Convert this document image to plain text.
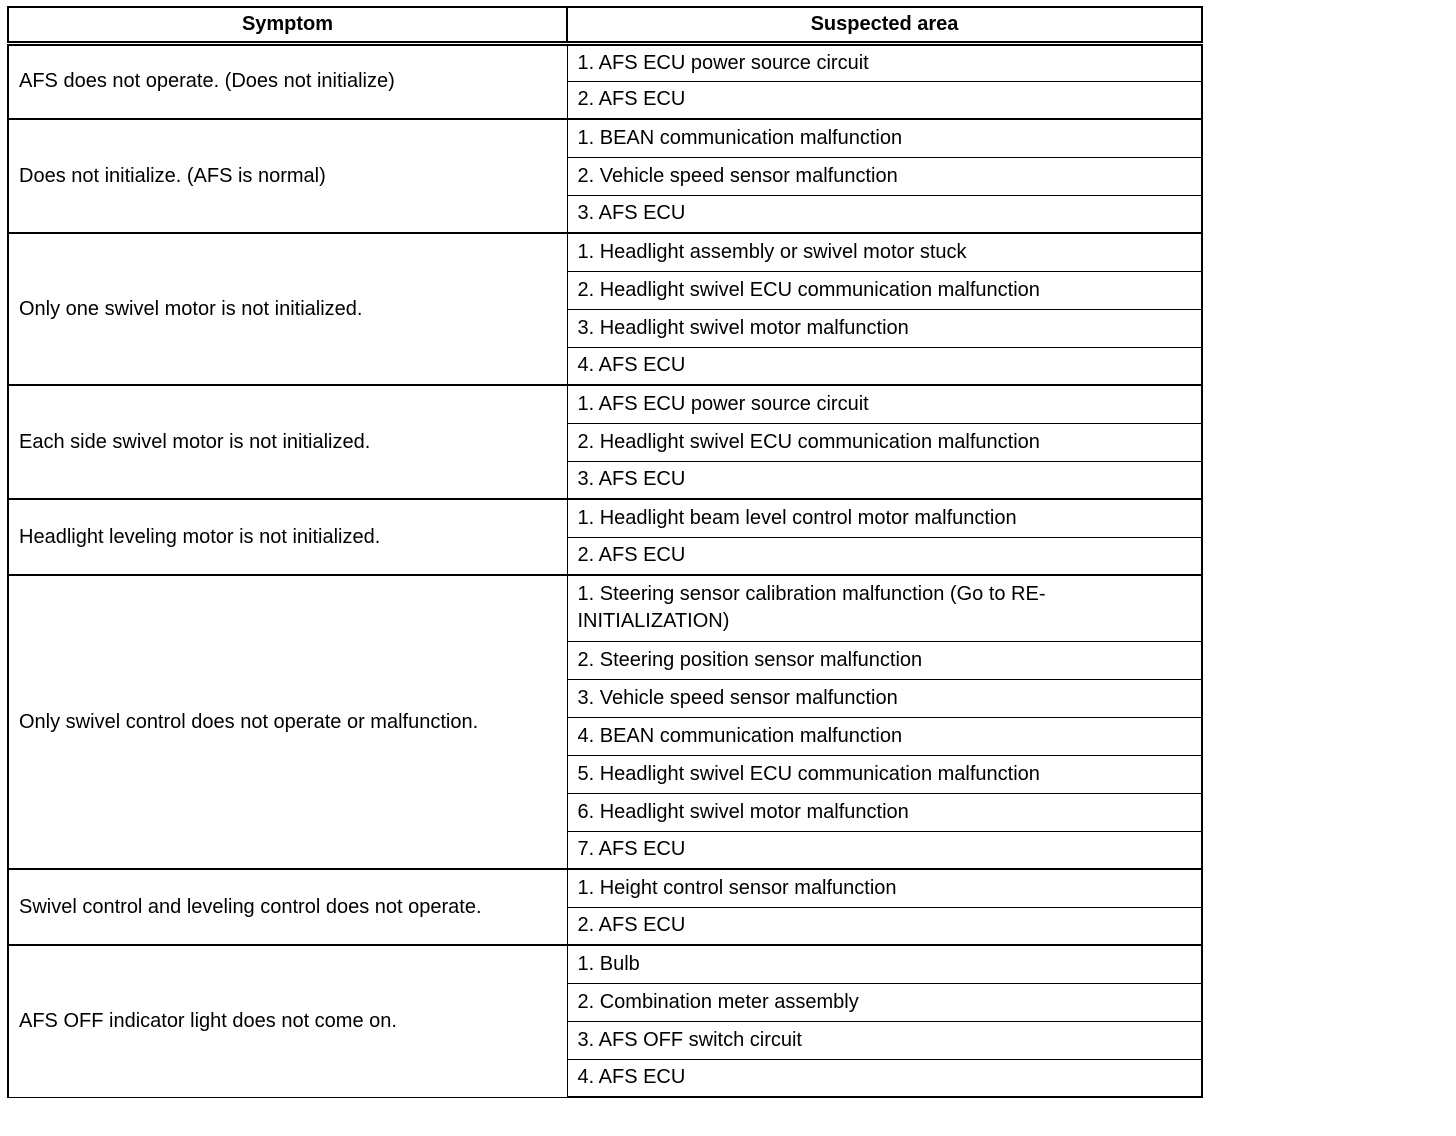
Symptom	Suspected area
AFS does not operate. (Does not initialize)	1. AFS ECU power source circuit
	2. AFS ECU
Does not initialize. (AFS is normal)	1. BEAN communication malfunction
	2. Vehicle speed sensor malfunction
	3. AFS ECU
Only one swivel motor is not initialized.	1. Headlight assembly or swivel motor stuck
	2. Headlight swivel ECU communication malfunction
	3. Headlight swivel motor malfunction
	4. AFS ECU
Each side swivel motor is not initialized.	1. AFS ECU power source circuit
	2. Headlight swivel ECU communication malfunction
	3. AFS ECU
Headlight leveling motor is not initialized.	1. Headlight beam level control motor malfunction
	2. AFS ECU
Only swivel control does not operate or malfunction.	1. Steering sensor calibration malfunction (Go to RE-INITIALIZATION)
	2. Steering position sensor malfunction
	3. Vehicle speed sensor malfunction
	4. BEAN communication malfunction
	5. Headlight swivel ECU communication malfunction
	6. Headlight swivel motor malfunction
	7. AFS ECU
Swivel control and leveling control does not operate.	1. Height control sensor malfunction
	2. AFS ECU
AFS OFF indicator light does not come on.	1. Bulb
	2. Combination meter assembly
	3. AFS OFF switch circuit
	4. AFS ECU
